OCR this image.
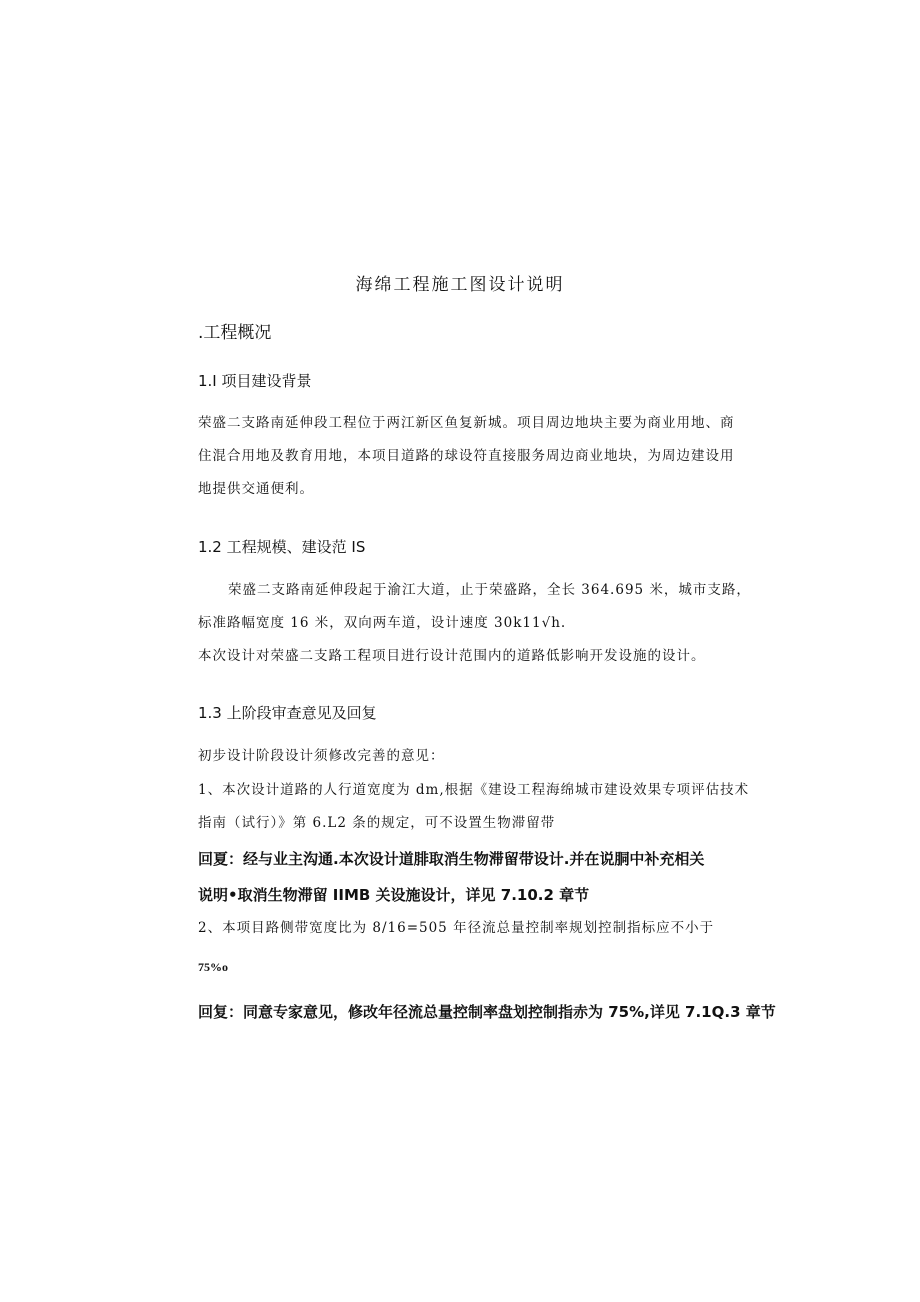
海绵工程施工图设计说明
.工程概况
1.I 项目建设背景
荣盛二支路南延伸段工程位于两江新区鱼复新城。项目周边地块主要为商业用地、商
住混合用地及教育用地，本项目道路的球设符直接服务周边商业地块，为周边建设用
地提供交通便利。
1.2 工程规模、建设范 IS
荣盛二支路南延伸段起于渝江大道，止于荣盛路，全长 364.695 米，城市支路，
标准路幅宽度 16 米，双向两车道，设计速度 30k11√h.
本次设计对荣盛二支路工程项目进行设计范围内的道路低影响开发设施的设计。
1.3 上阶段审查意见及回复
初步设计阶段设计须修改完善的意见：
1、本次设计道路的人行道宽度为 dm,根据《建设工程海绵城市建设效果专项评估技术
指南（试行）》第 6.L2 条的规定，可不设置生物滞留带
回夏：经与业主沟通.本次设计道腓取消生物滞留带设计.并在说胴中补充相关
说明•取消生物滞留 IIMB 关设施设计，详见 7.10.2 章节
2、本项目路侧带宽度比为 8/16=505 年径流总量控制率规划控制指标应不小于
75%o
回复：同意专家意见，修改年径流总量控制率盘划控制指赤为 75%,详见 7.1Q.3 章节
